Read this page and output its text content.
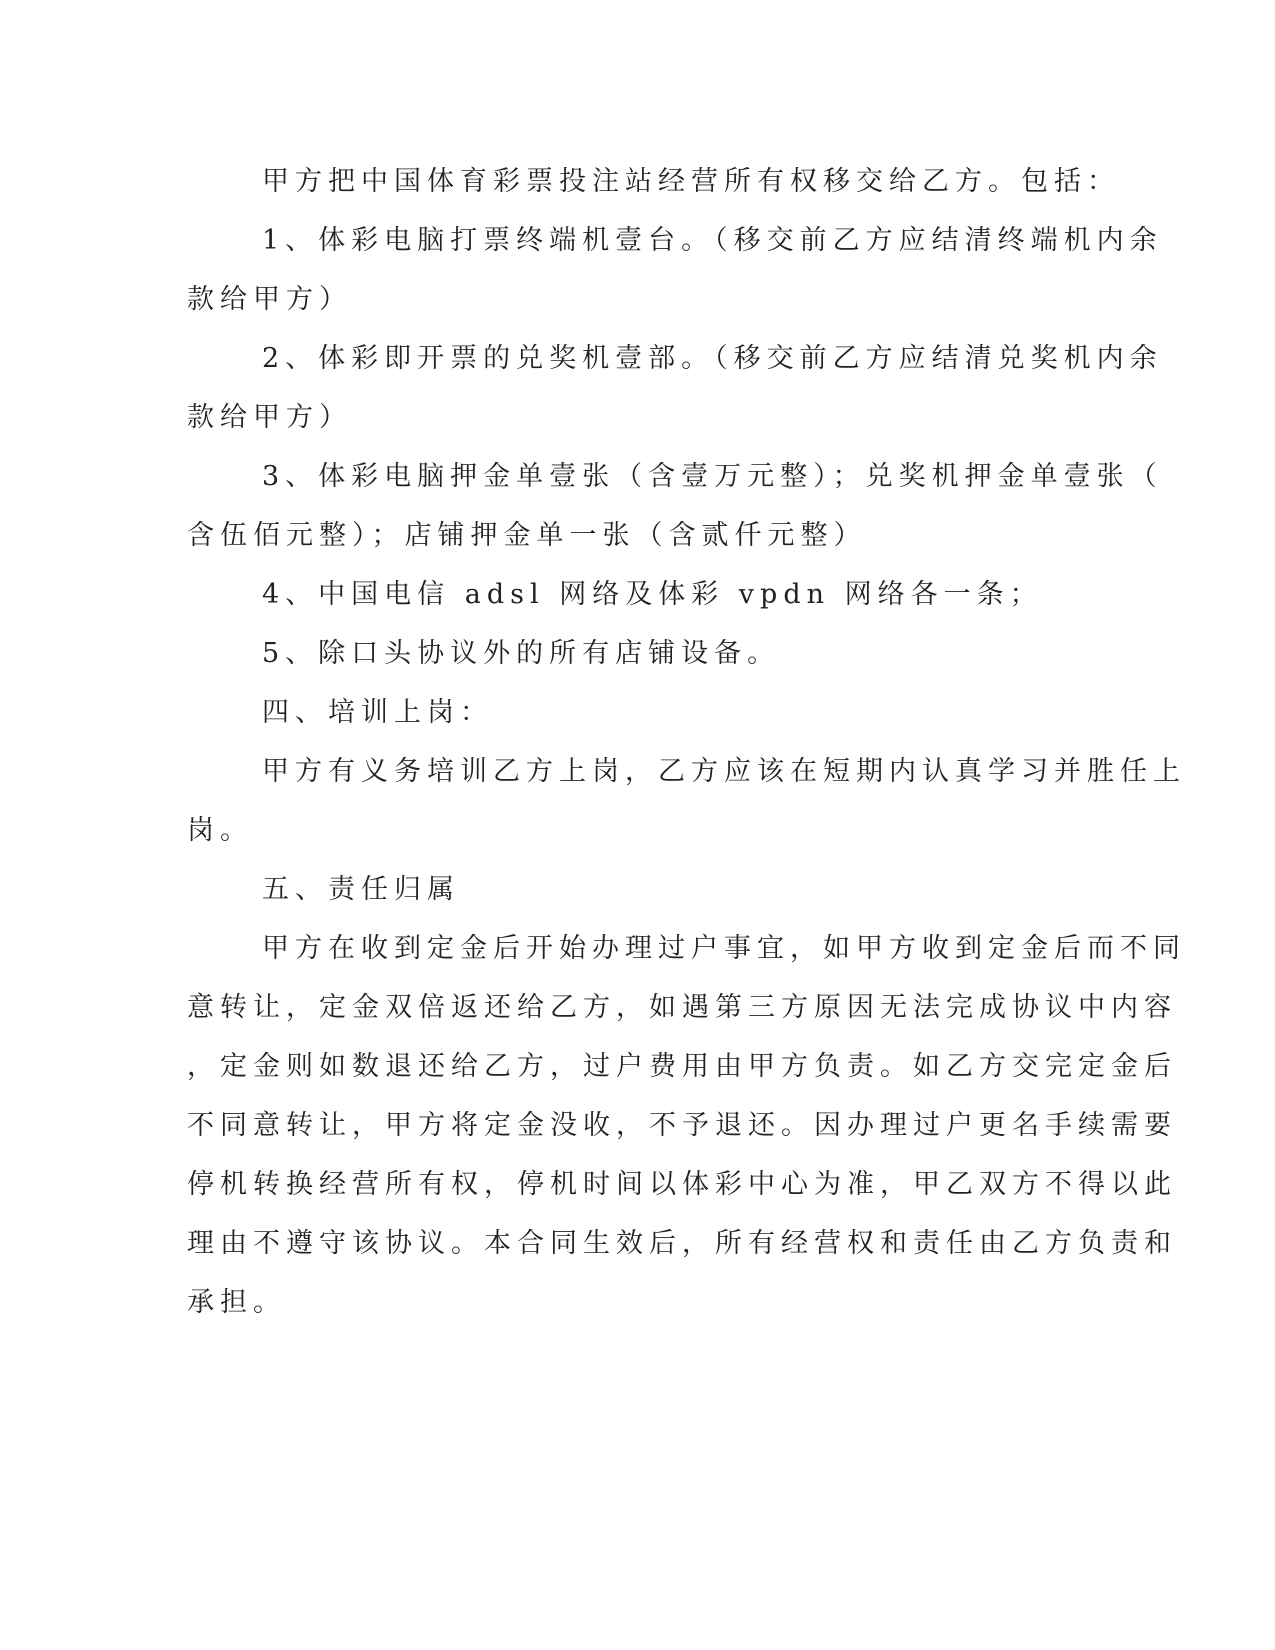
甲方把中国体育彩票投注站经营所有权移交给乙方。包括：

1、体彩电脑打票终端机壹台。（移交前乙方应结清终端机内余

款给甲方）

2、体彩即开票的兑奖机壹部。（移交前乙方应结清兑奖机内余

款给甲方）

3、体彩电脑押金单壹张（含壹万元整）；兑奖机押金单壹张（

含伍佰元整）；店铺押金单一张（含贰仟元整）

4、中国电信 adsl 网络及体彩 vpdn 网络各一条；

5、除口头协议外的所有店铺设备。

四、培训上岗：

甲方有义务培训乙方上岗，乙方应该在短期内认真学习并胜任上

岗。

五、责任归属

甲方在收到定金后开始办理过户事宜，如甲方收到定金后而不同

意转让，定金双倍返还给乙方，如遇第三方原因无法完成协议中内容

，定金则如数退还给乙方，过户费用由甲方负责。如乙方交完定金后

不同意转让，甲方将定金没收，不予退还。因办理过户更名手续需要

停机转换经营所有权，停机时间以体彩中心为准，甲乙双方不得以此

理由不遵守该协议。本合同生效后，所有经营权和责任由乙方负责和

承担。
